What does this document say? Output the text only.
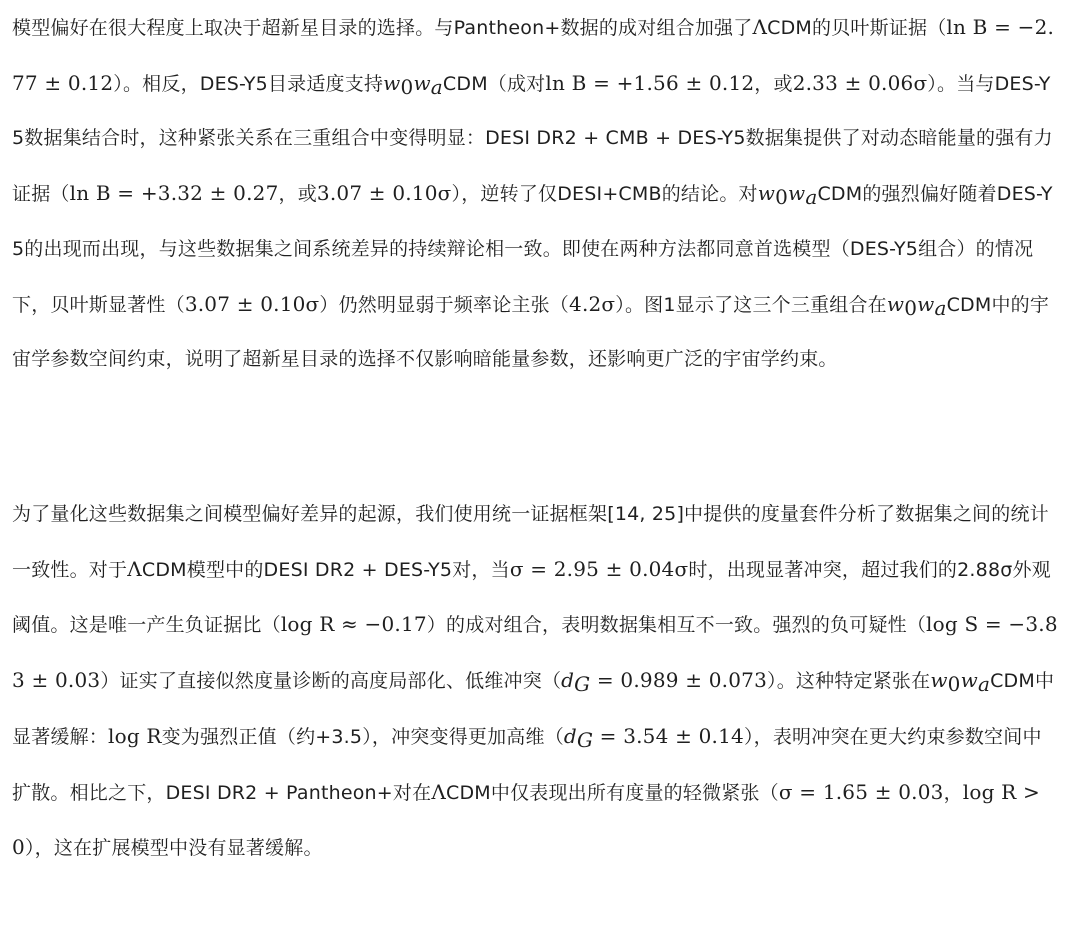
模型偏好在很大程度上取决于超新星目录的选择。与Pantheon+数据的成对组合加强了ΛCDM的贝叶斯证据（ln B = −2.77 ± 0.12）。相反，DES-Y5目录适度支持$w_0w_aCDM$（成对ln B = +1.56 ± 0.12，或2.33 ± 0.06σ）。当与DES-Y5数据集结合时，这种紧张关系在三重组合中变得明显：DESI DR2 + CMB + DES-Y5数据集提供了对动态暗能量的强有力证据（ln B = +3.32 ± 0.27，或3.07 ± 0.10σ），逆转了仅DESI+CMB的结论。对$w_0w_aCDM$的强烈偏好随着DES-Y5的出现而出现，与这些数据集之间系统差异的持续辩论相一致。即使在两种方法都同意首选模型（DES-Y5组合）的情况下，贝叶斯显著性（3.07 ± 0.10σ）仍然明显弱于频率论主张（4.2σ）。图1显示了这三个三重组合在$w_0w_aCDM$中的宇宙学参数空间约束，说明了超新星目录的选择不仅影响暗能量参数，还影响更广泛的宇宙学约束。

为了量化这些数据集之间模型偏好差异的起源，我们使用统一证据框架[14, 25]中提供的度量套件分析了数据集之间的统计一致性。对于ΛCDM模型中的DESI DR2 + DES-Y5对，当σ = 2.95 ± 0.04σ时，出现显著冲突，超过我们的2.88σ外观阈值。这是唯一产生负证据比（log R ≈ −0.17）的成对组合，表明数据集相互不一致。强烈的负可疑性（log S = −3.83 ± 0.03）证实了直接似然度量诊断的高度局部化、低维冲突$(d_G = 0.989 \pm 0.073)$。这种特定紧张在$w_0w_aCDM$中显著缓解：log R变为强烈正值（约+3.5），冲突变得更加高维$(d_G = 3.54 \pm 0.14)$，表明冲突在更大约束参数空间中扩散。相比之下，DESI DR2 + Pantheon+对在ΛCDM中仅表现出所有度量的轻微紧张（σ = 1.65 ± 0.03，log R > 0），这在扩展模型中没有显著缓解。
